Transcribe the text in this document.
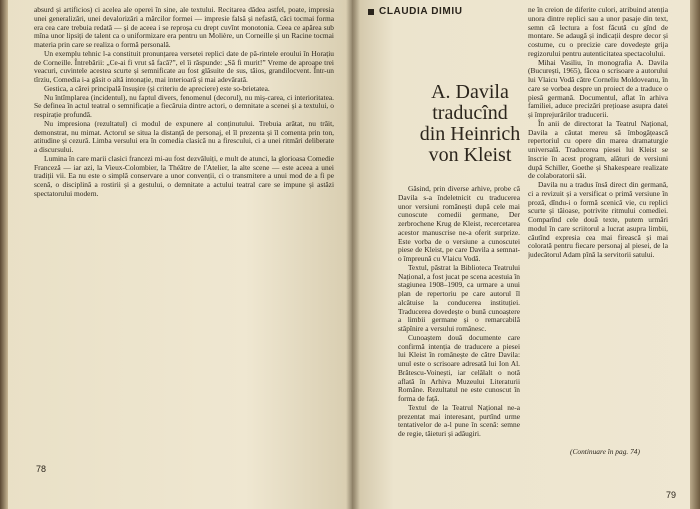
absurd și artificios) ci acelea ale operei în sine, ale textului. Recitarea dădea astfel, poate, impresia unei generalizări, unei devalorizări a mărcilor formei — impresie falsă și nefastă, căci tocmai forma era cea care trebuia redată — și de aceea i se reproșa cu drept cuvînt monotonia. Ceea ce apărea sub mîna unor lipsiți de talent ca o uniformizare era pentru un Molière, un Corneille și un Racine tocmai materia prin care se realiza o formă personală.

Un exemplu tehnic l-a constituit pronunțarea versetei replici date de pă-rintele eroului în Horațiu de Corneille. Întrebării: „Ce-ai fi vrut să facă?”, el îi răspunde: „Să fi murit!” Vreme de aproape trei veacuri, cuvintele acestea scurte și semnificate au fost glăsuite de sus, tăios, grandilocvent. Într-un tîrziu, Comedia i-a găsit o altă intonație, mai interioară și mai adevărată.

Gestica, a cărei principală însușire (și criteriu de apreciere) este so-brietatea.

Nu întîmplarea (incidentul), nu faptul divers, fenomenul (decorul), nu miș-carea, ci interioritatea. Se definea în actul teatral o semnificație a fiecăruia dintre actori, o demnitate a scenei și a textului, o respirație profundă.

Nu impresiona (rezultatul) ci modul de expunere al conținutului. Trebuia arătat, nu trăit, demonstrat, nu mimat. Actorul se situa la distanță de personaj, el îl prezenta și îl comenta prin ton, atitudine și cezură. Limba versului era în comedia clasică nu a firescului, ci a unei ritmări deliberate a discursului.

Lumina în care marii clasici francezi mi-au fost dezvăluiți, e mult de atunci, la glorioasa Comedie Franceză — iar azi, la Vieux-Colombier, la Théâtre de l'Atelier, la alte scene — este aceea a unei tradiții vii. Ea nu este o simplă conservare a unor convenții, ci o transmitere a unui mod de a fi pe scenă, o disciplină a rostirii și a gestului, o demnitate a actului teatral care se impune și astăzi spectatorului modern.

78
CLAUDIA DIMIU
A. Davila
traducînd
din Heinrich
von Kleist

Găsind, prin diverse arhive, probe că Davila s-a îndeletnicit cu traducerea unor versiuni românești după cele mai cunoscute comedii germane, Der zerbrochene Krug de Kleist, recercetarea acestor manuscrise ne-a oferit surprize. Este vorba de o versiune a cunoscutei piese de Kleist, pe care Davila a semnat-o împreună cu Vlaicu Vodă.

Textul, păstrat la Biblioteca Teatrului Național, a fost jucat pe scena acestuia în stagiunea 1908–1909, ca urmare a unui plan de repertoriu pe care autorul îl alcătuise la conducerea instituției. Traducerea dovedește o bună cunoaștere a limbii germane și o remarcabilă stăpînire a versului românesc.

Cunoaștem două documente care confirmă intenția de traducere a piesei lui Kleist în românește de către Davila: unul este o scrisoare adresată lui Ion Al. Brătescu-Voinești, iar celălalt o notă aflată în Arhiva Muzeului Literaturii Române. Rezultatul ne este cunoscut în forma de față.

Textul de la Teatrul Național ne-a prezentat mai interesant, purtînd urme tentativelor de a-l pune în scenă: semne de regie, tăieturi și adăugiri.

ne în creion de diferite culori, atribuind atenția unora dintre replici sau a unor pasaje din text, semn că lectura a fost făcută cu gînd de montare. Se adaugă și indicații despre decor și costume, cu o precizie care dovedește grija regizorului pentru autenticitatea spectacolului.

Mihai Vasiliu, în monografia A. Davila (București, 1965), făcea o scrisoare a autorului lui Vlaicu Vodă către Corneliu Moldoveanu, în care se vorbea despre un proiect de a traduce o piesă germană. Documentul, aflat în arhiva familiei, aduce precizări prețioase asupra datei și împrejurărilor traducerii.

În anii de directorat la Teatrul Național, Davila a căutat mereu să îmbogățească repertoriul cu opere din marea dramaturgie universală. Traducerea piesei lui Kleist se înscrie în acest program, alături de versiuni după Schiller, Goethe și Shakespeare realizate de colaboratorii săi.

Davila nu a tradus însă direct din germană, ci a revizuit și a versificat o primă versiune în proză, dîndu-i o formă scenică vie, cu replici scurte și tăioase, potrivite ritmului comediei. Comparînd cele două texte, putem urmări modul în care scriitorul a lucrat asupra limbii, căutînd expresia cea mai firească și mai colorată pentru fiecare personaj al piesei, de la judecătorul Adam pînă la servitorii satului.

(Continuare în pag. 74)
79
